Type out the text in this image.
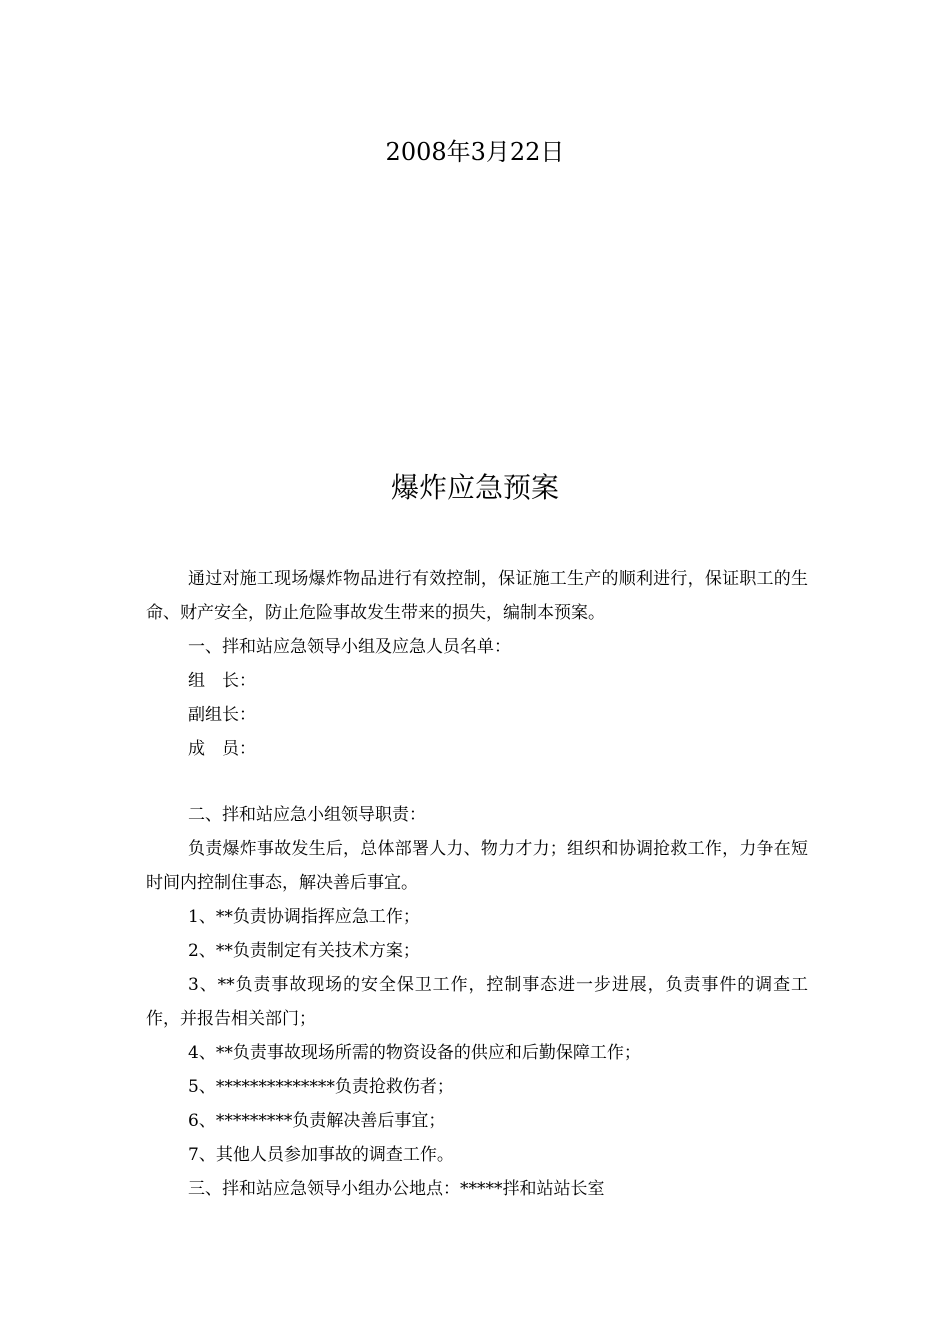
2008年3月22日
爆炸应急预案

通过对施工现场爆炸物品进行有效控制，保证施工生产的顺利进行，保证职工的生命、财产安全，防止危险事故发生带来的损失，编制本预案。

一、拌和站应急领导小组及应急人员名单：

组　长：

副组长：

成　员：

二、拌和站应急小组领导职责：

负责爆炸事故发生后，总体部署人力、物力才力；组织和协调抢救工作，力争在短时间内控制住事态，解决善后事宜。

1、**负责协调指挥应急工作；

2、**负责制定有关技术方案；

3、**负责事故现场的安全保卫工作，控制事态进一步进展，负责事件的调查工作，并报告相关部门；

4、**负责事故现场所需的物资设备的供应和后勤保障工作；

5、**************负责抢救伤者；

6、*********负责解决善后事宜；

7、其他人员参加事故的调查工作。

三、拌和站应急领导小组办公地点：*****拌和站站长室
